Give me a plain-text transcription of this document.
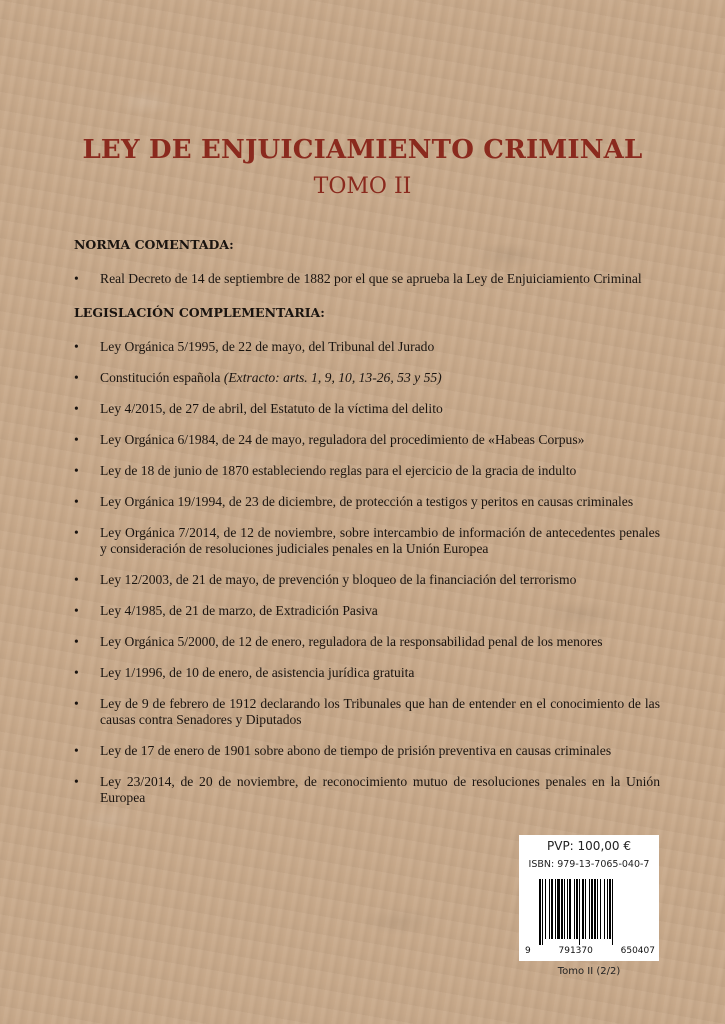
LEY DE ENJUICIAMIENTO CRIMINAL
TOMO II
NORMA COMENTADA:
• Real Decreto de 14 de septiembre de 1882 por el que se aprueba la Ley de Enjuiciamiento Criminal
LEGISLACIÓN COMPLEMENTARIA:
• Ley Orgánica 5/1995, de 22 de mayo, del Tribunal del Jurado
• Constitución española (Extracto: arts. 1, 9, 10, 13-26, 53 y 55)
• Ley 4/2015, de 27 de abril, del Estatuto de la víctima del delito
• Ley Orgánica 6/1984, de 24 de mayo, reguladora del procedimiento de «Habeas Corpus»
• Ley de 18 de junio de 1870 estableciendo reglas para el ejercicio de la gracia de indulto
• Ley Orgánica 19/1994, de 23 de diciembre, de protección a testigos y peritos en causas criminales
• Ley Orgánica 7/2014, de 12 de noviembre, sobre intercambio de información de antecedentes penales y consideración de resoluciones judiciales penales en la Unión Europea
• Ley 12/2003, de 21 de mayo, de prevención y bloqueo de la financiación del terrorismo
• Ley 4/1985, de 21 de marzo, de Extradición Pasiva
• Ley Orgánica 5/2000, de 12 de enero, reguladora de la responsabilidad penal de los menores
• Ley 1/1996, de 10 de enero, de asistencia jurídica gratuita
• Ley de 9 de febrero de 1912 declarando los Tribunales que han de entender en el conocimiento de las causas contra Senadores y Diputados
• Ley de 17 de enero de 1901 sobre abono de tiempo de prisión preventiva en causas criminales
• Ley 23/2014, de 20 de noviembre, de reconocimiento mutuo de resoluciones penales en la Unión Europea
PVP: 100,00 €
ISBN: 979-13-7065-040-7
9	791370	650407
Tomo II (2/2)
